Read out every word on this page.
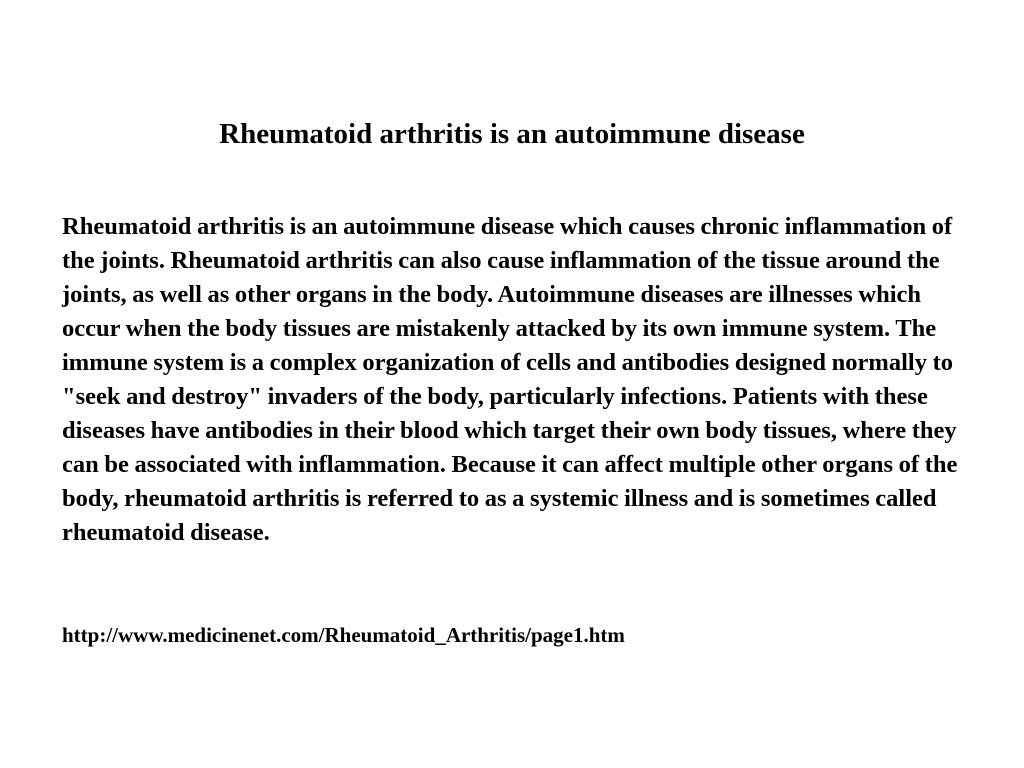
Rheumatoid arthritis is an autoimmune disease

Rheumatoid arthritis is an autoimmune disease which causes chronic inflammation of the joints. Rheumatoid arthritis can also cause inflammation of the tissue around the joints, as well as other organs in the body. Autoimmune diseases are illnesses which occur when the body tissues are mistakenly attacked by its own immune system. The immune system is a complex organization of cells and antibodies designed normally to "seek and destroy" invaders of the body, particularly infections. Patients with these diseases have antibodies in their blood which target their own body tissues, where they can be associated with inflammation. Because it can affect multiple other organs of the body, rheumatoid arthritis is referred to as a systemic illness and is sometimes called rheumatoid disease.

http://www.medicinenet.com/Rheumatoid_Arthritis/page1.htm
